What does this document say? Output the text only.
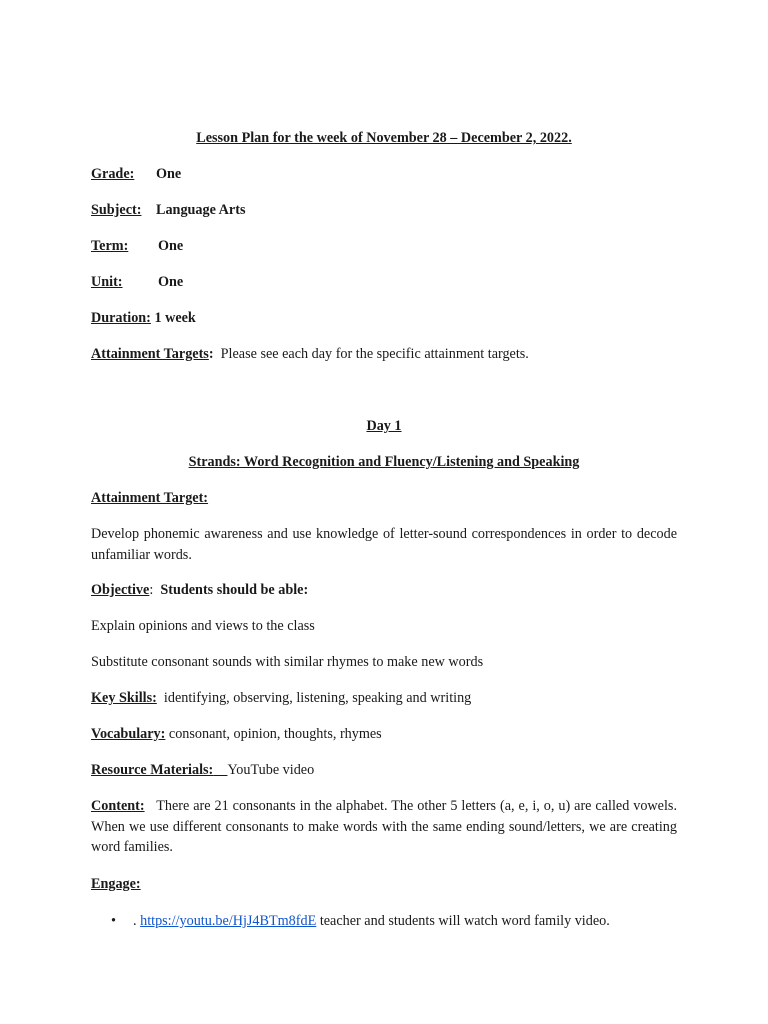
Lesson Plan for the week of November 28 – December 2, 2022.
Grade: One
Subject: Language Arts
Term: One
Unit: One
Duration: 1 week
Attainment Targets: Please see each day for the specific attainment targets.
Day 1
Strands: Word Recognition and Fluency/Listening and Speaking
Attainment Target:
Develop phonemic awareness and use knowledge of letter-sound correspondences in order to decode unfamiliar words.
Objective: Students should be able:
Explain opinions and views to the class
Substitute consonant sounds with similar rhymes to make new words
Key Skills: identifying, observing, listening, speaking and writing
Vocabulary: consonant, opinion, thoughts, rhymes
Resource Materials: YouTube video
Content: There are 21 consonants in the alphabet. The other 5 letters (a, e, i, o, u) are called vowels. When we use different consonants to make words with the same ending sound/letters, we are creating word families.
Engage:
• . https://youtu.be/HjJ4BTm8fdE teacher and students will watch word family video.
